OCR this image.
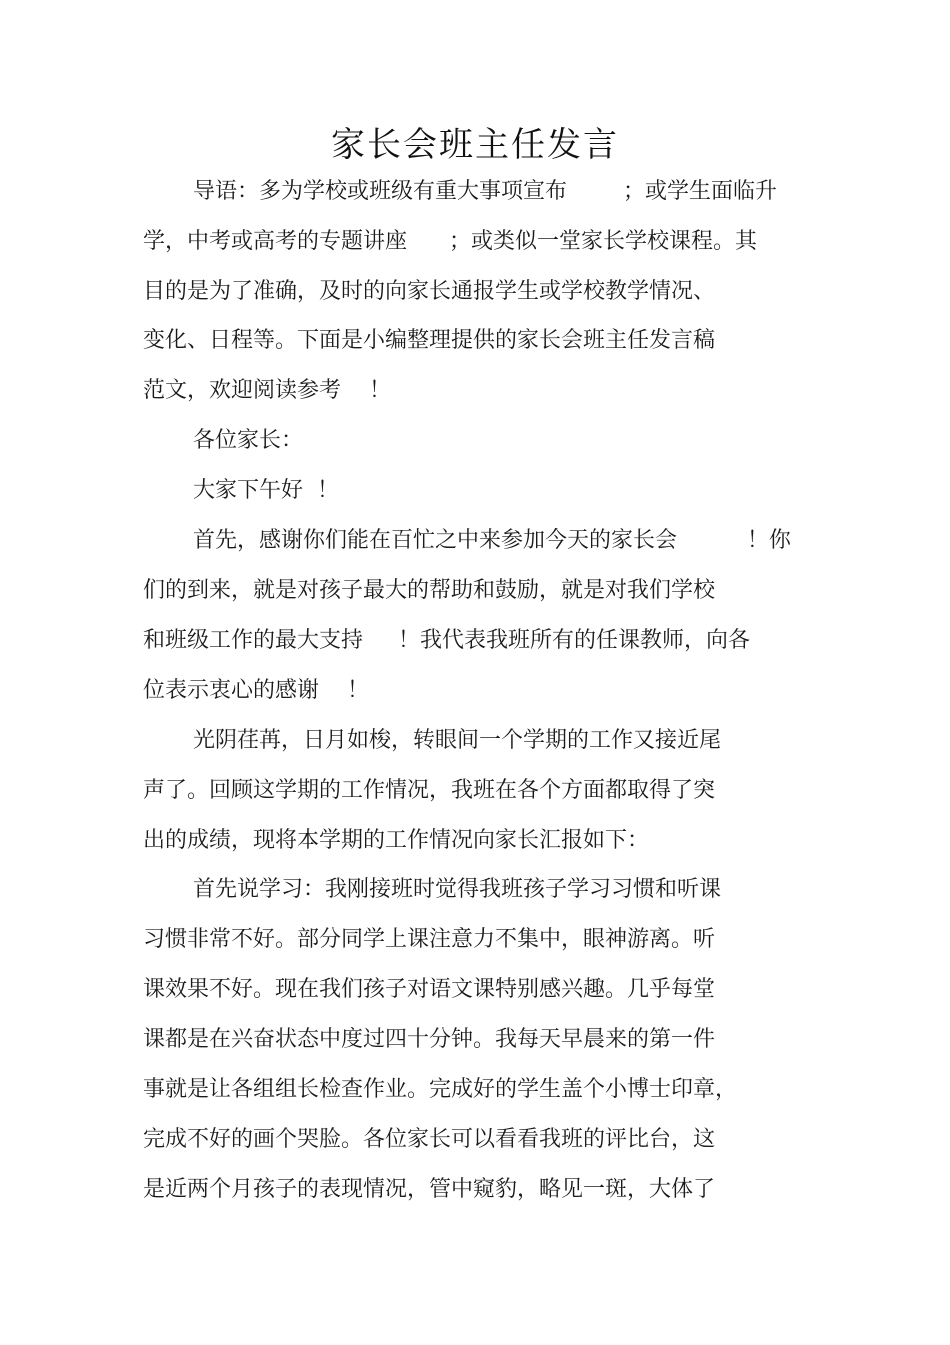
家长会班主任发言
导语：多为学校或班级有重大事项宣布        ；或学生面临升
学，中考或高考的专题讲座      ；或类似一堂家长学校课程。其
目的是为了准确，及时的向家长通报学生或学校教学情况、
变化、日程等。下面是小编整理提供的家长会班主任发言稿
范文，欢迎阅读参考    ！
各位家长：
大家下午好  ！
首先，感谢你们能在百忙之中来参加今天的家长会          ！你
们的到来，就是对孩子最大的帮助和鼓励，就是对我们学校
和班级工作的最大支持     ！我代表我班所有的任课教师，向各
位表示衷心的感谢    ！
光阴荏苒，日月如梭，转眼间一个学期的工作又接近尾
声了。回顾这学期的工作情况，我班在各个方面都取得了突
出的成绩，现将本学期的工作情况向家长汇报如下：
首先说学习：我刚接班时觉得我班孩子学习习惯和听课
习惯非常不好。部分同学上课注意力不集中，眼神游离。听
课效果不好。现在我们孩子对语文课特别感兴趣。几乎每堂
课都是在兴奋状态中度过四十分钟。我每天早晨来的第一件
事就是让各组组长检查作业。完成好的学生盖个小博士印章，
完成不好的画个哭脸。各位家长可以看看我班的评比台，这
是近两个月孩子的表现情况，管中窥豹，略见一斑，大体了
